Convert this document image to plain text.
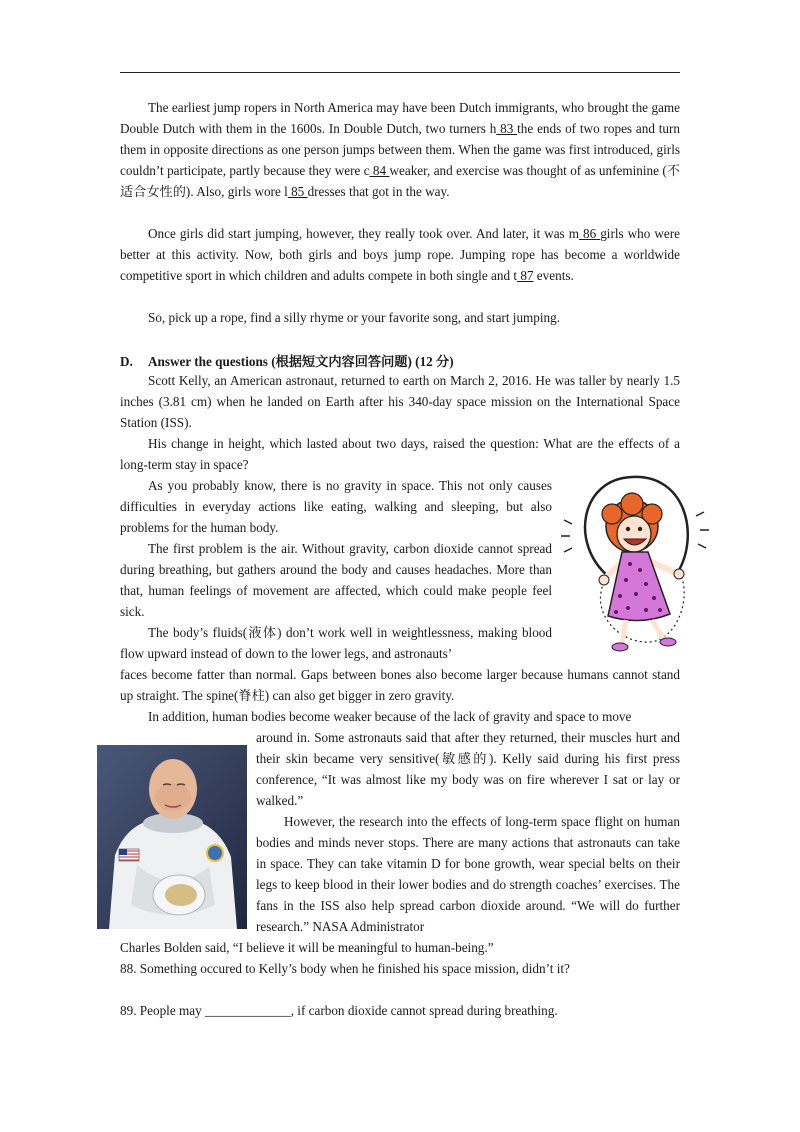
The earliest jump ropers in North America may have been Dutch immigrants, who brought the game Double Dutch with them in the 1600s. In Double Dutch, two turners h 83 the ends of two ropes and turn them in opposite directions as one person jumps between them. When the game was first introduced, girls couldn’t participate, partly because they were c 84 weaker, and exercise was thought of as unfeminine (不适合女性的). Also, girls wore l 85 dresses that got in the way.

Once girls did start jumping, however, they really took over. And later, it was m 86 girls who were better at this activity. Now, both girls and boys jump rope. Jumping rope has become a worldwide competitive sport in which children and adults compete in both single and t 87 events.

So, pick up a rope, find a silly rhyme or your favorite song, and start jumping.

D. Answer the questions (根据短文内容回答问题) (12 分)

Scott Kelly, an American astronaut, returned to earth on March 2, 2016. He was taller by nearly 1.5 inches (3.81 cm) when he landed on Earth after his 340-day space mission on the International Space Station (ISS).

His change in height, which lasted about two days, raised the question: What are the effects of a long-term stay in space?

As you probably know, there is no gravity in space. This not only causes difficulties in everyday actions like eating, walking and sleeping, but also problems for the human body.

The first problem is the air. Without gravity, carbon dioxide cannot spread during breathing, but gathers around the body and causes headaches. More than that, human feelings of movement are affected, which could make people feel sick.

The body’s fluids(液体) don’t work well in weightlessness, making blood flow upward instead of down to the lower legs, and astronauts’

faces become fatter than normal. Gaps between bones also become larger because humans cannot stand up straight. The spine(脊柱) can also get bigger in zero gravity.

In addition, human bodies become weaker because of the lack of gravity and space to move

around in. Some astronauts said that after they returned, their muscles hurt and their skin became very sensitive(敏感的). Kelly said during his first press conference, “It was almost like my body was on fire wherever I sat or lay or walked.”

However, the research into the effects of long-term space flight on human bodies and minds never stops. There are many actions that astronauts can take in space. They can take vitamin D for bone growth, wear special belts on their legs to keep blood in their lower bodies and do strength coaches’ exercises. The fans in the ISS also help spread carbon dioxide around. “We will do further research.” NASA Administrator

Charles Bolden said, “I believe it will be meaningful to human-being.”

88. Something occured to Kelly’s body when he finished his space mission, didn’t it?

89. People may _____________, if carbon dioxide cannot spread during breathing.
